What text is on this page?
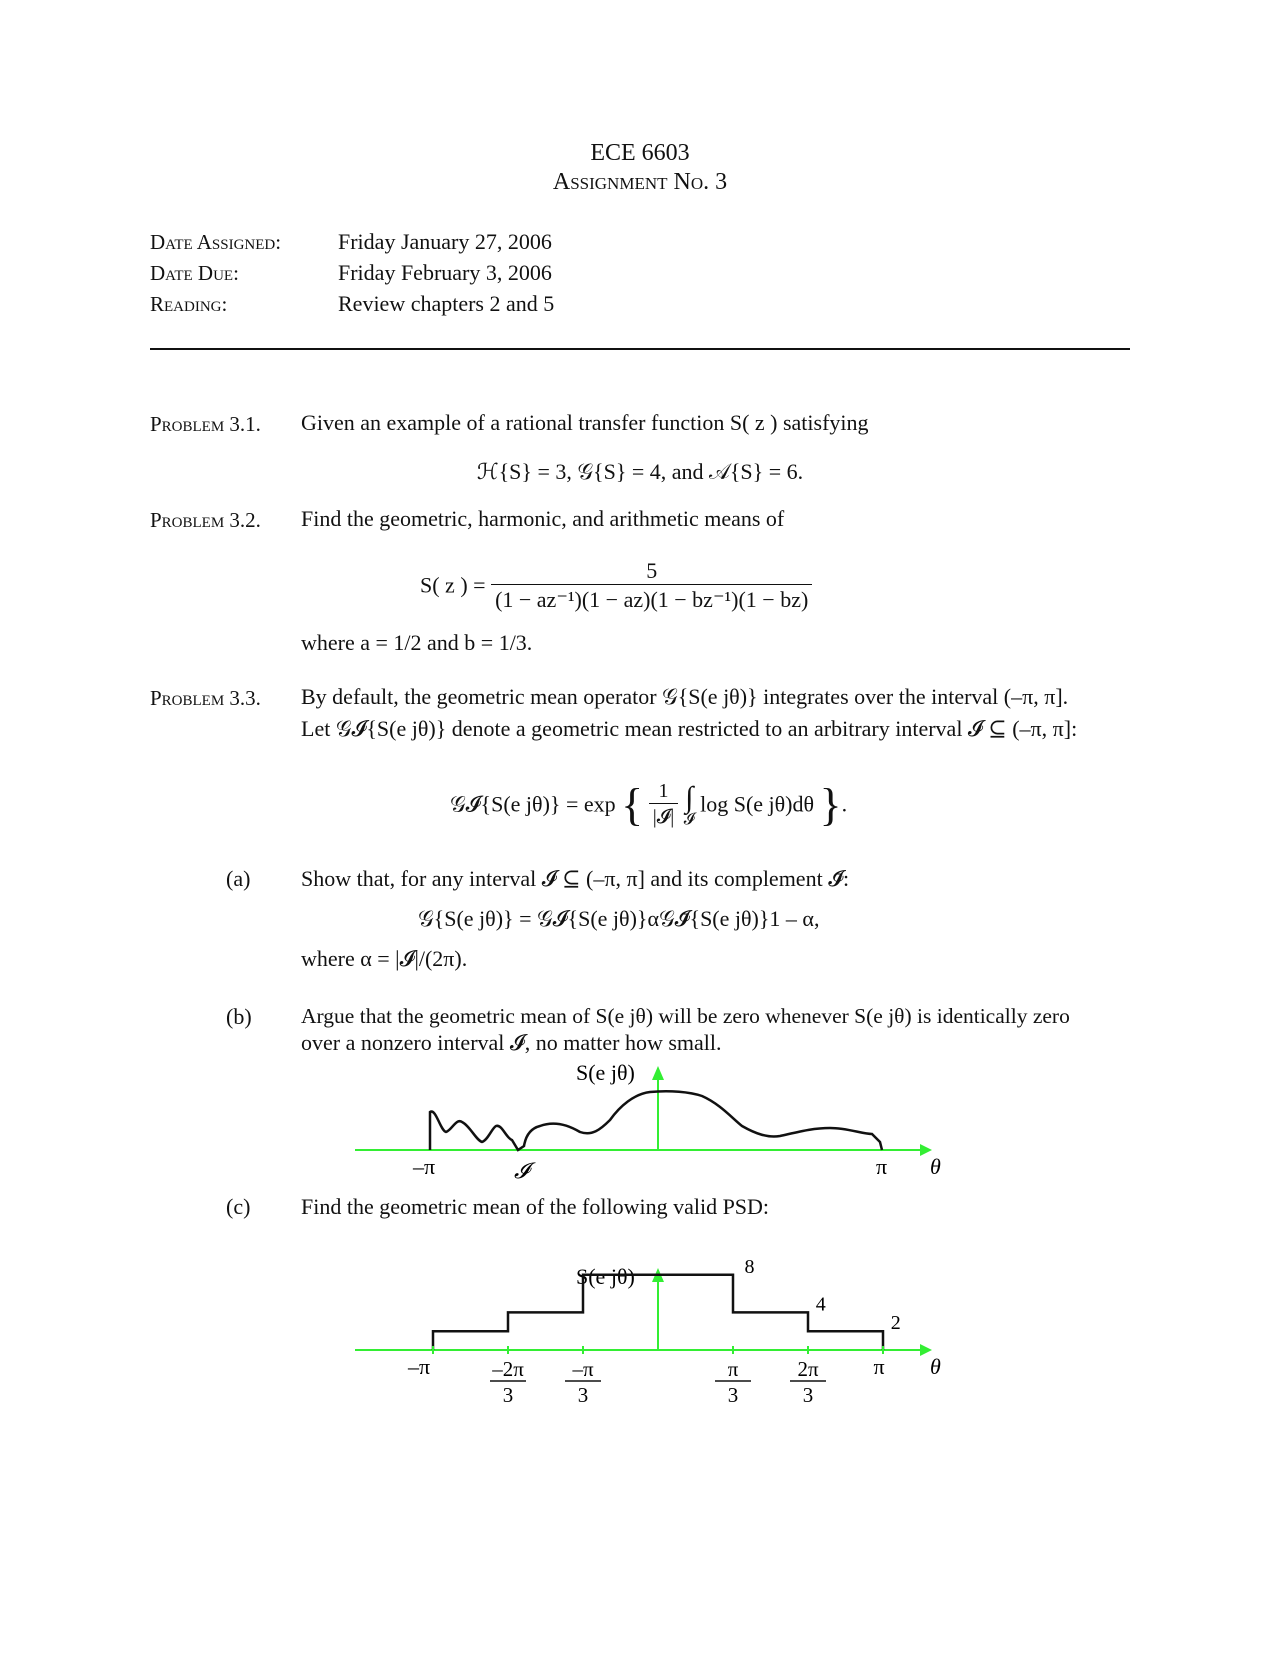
ECE 6603
Assignment No. 3
Date Assigned:	Friday January 27, 2006
Date Due:	Friday February 3, 2006
Reading:	Review chapters 2 and 5
Problem 3.1. Given an example of a rational transfer function S( z ) satisfying
ℋ{S} = 3, 𝒢{S} = 4, and 𝒜{S} = 6.
Problem 3.2. Find the geometric, harmonic, and arithmetic means of
S( z ) = $\frac{5}{\text{(1 − az⁻¹)(1 − az)(1 − bz⁻¹)(1 − bz)}}$
where a = 1/2 and b = 1/3.
Problem 3.3. By default, the geometric mean operator 𝒢{S(e jθ)} integrates over the interval (–π, π].
Let 𝒢𝓘{S(e jθ)} denote a geometric mean restricted to an arbitrary interval 𝓘 ⊆ (–π, π]:
𝒢𝓘{S(e jθ)} = exp { $\frac{1}{\text{|𝓘|}}$
∫
𝓘
log S(e jθ)dθ }.
(a) Show that, for any interval 𝓘 ⊆ (–π, π] and its complement 𝓘̄:
𝒢{S(e jθ)} = 𝒢𝓘{S(e jθ)}α𝒢𝓘̄{S(e jθ)}1 – α,
where α = |𝓘|/(2π).
(b) Argue that the geometric mean of S(e jθ) will be zero whenever S(e jθ) is identically zero
over a nonzero interval 𝓘, no matter how small.
–π	π θ
𝓘
S(e jθ)
(c) Find the geometric mean of the following valid PSD:
S(e jθ)
θ
–π	–2π
3
–π
3
π
3
2π
3
π
8
4
2
